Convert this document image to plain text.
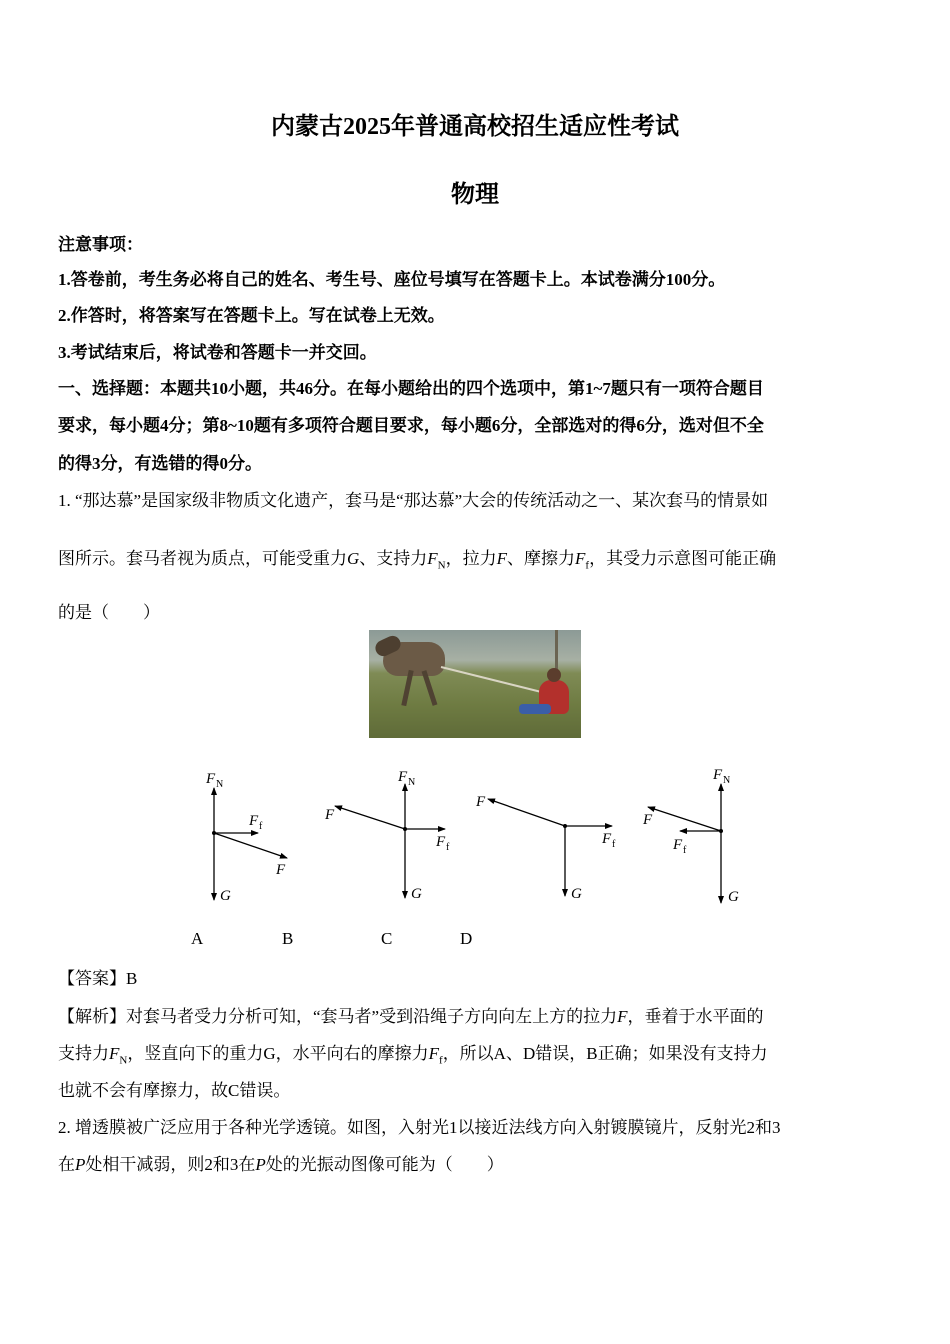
内蒙古2025年普通高校招生适应性考试
物理
注意事项：
1.答卷前，考生务必将自己的姓名、考生号、座位号填写在答题卡上。本试卷满分100分。
2.作答时，将答案写在答题卡上。写在试卷上无效。
3.考试结束后，将试卷和答题卡一并交回。
一、选择题：本题共10小题，共46分。在每小题给出的四个选项中，第1~7题只有一项符合题目
要求，每小题4分；第8~10题有多项符合题目要求，每小题6分，全部选对的得6分，选对但不全
的得3分，有选错的得0分。
1. “那达慕”是国家级非物质文化遗产，套马是“那达慕”大会的传统活动之一、某次套马的情景如
图所示。套马者视为质点，可能受重力G、支持力$F_N$，拉力F、摩擦力$F_f$，其受力示意图可能正确
的是（　　）
F N
F f
F
G
F N
F
F f
G
F
F f
G
F N
F
F f
G
A	B	C	D
【答案】B
【解析】对套马者受力分析可知，“套马者”受到沿绳子方向向左上方的拉力F，垂着于水平面的
支持力$F_N$，竖直向下的重力G，水平向右的摩擦力$F_f$，所以A、D错误，B正确；如果没有支持力
也就不会有摩擦力，故C错误。
2. 增透膜被广泛应用于各种光学透镜。如图，入射光1以接近法线方向入射镀膜镜片，反射光2和3
在P处相干减弱，则2和3在P处的光振动图像可能为（　　）
